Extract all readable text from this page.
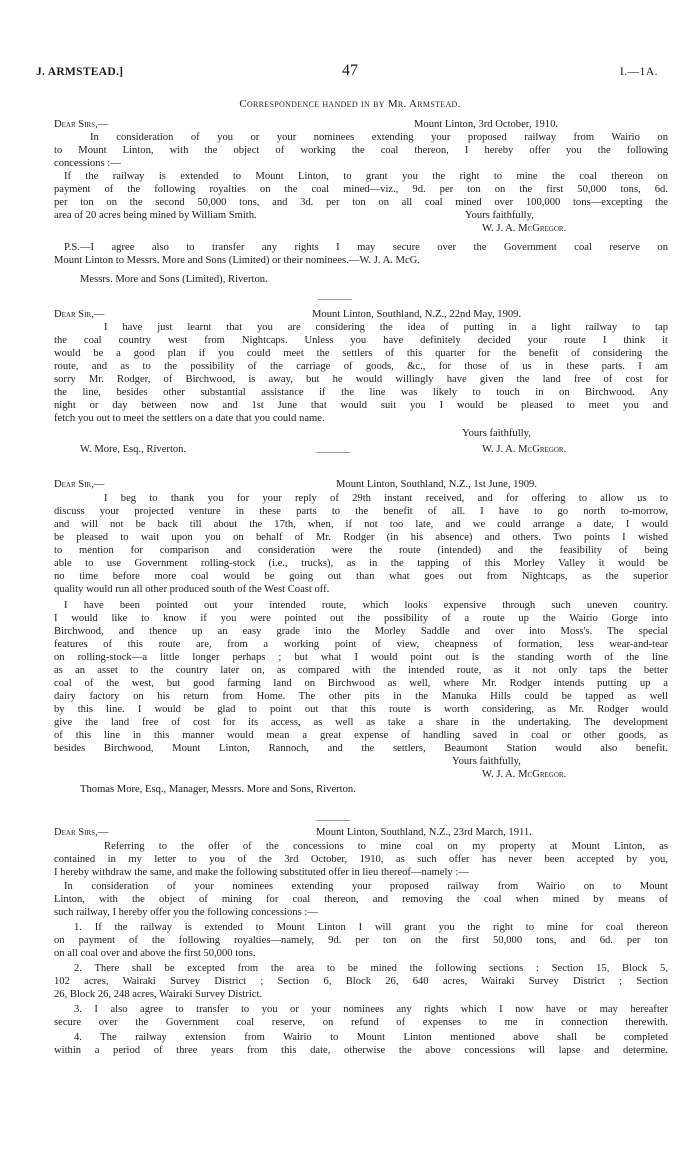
J. ARMSTEAD.]	47	I.—1A.
Correspondence handed in by Mr. Armstead.
Dear Sirs,—	Mount Linton, 3rd October, 1910.
In consideration of you or your nominees extending your proposed railway from Wairio on
to Mount Linton, with the object of working the coal thereon, I hereby offer you the following
concessions :—
If the railway is extended to Mount Linton, to grant you the right to mine the coal thereon on
payment of the following royalties on the coal mined—viz., 9d. per ton on the first 50,000 tons, 6d.
per ton on the second 50,000 tons, and 3d. per ton on all coal mined over 100,000 tons—excepting the
area of 20 acres being mined by William Smith.	Yours faithfully,
W. J. A. McGregor.
P.S.—I agree also to transfer any rights I may secure over the Government coal reserve on
Mount Linton to Messrs. More and Sons (Limited) or their nominees.—W. J. A. McG.
Messrs. More and Sons (Limited), Riverton.
Dear Sir,—	Mount Linton, Southland, N.Z., 22nd May, 1909.
I have just learnt that you are considering the idea of putting in a light railway to tap
the coal country west from Nightcaps. Unless you have definitely decided your route I think it
would be a good plan if you could meet the settlers of this quarter for the benefit of considering the
route, and as to the possibility of the carriage of goods, &c., for those of us in these parts. I am
sorry Mr. Rodger, of Birchwood, is away, but he would willingly have given the land free of cost for
the line, besides other substantial assistance if the line was likely to touch in on Birchwood. Any
night or day between now and 1st June that would suit you I would be pleased to meet you and
fetch you out to meet the settlers on a date that you could name.
Yours faithfully,
W. More, Esq., Riverton.	W. J. A. McGregor.
Dear Sir,—	Mount Linton, Southland, N.Z., 1st June, 1909.
I beg to thank you for your reply of 29th instant received, and for offering to allow us to
discuss your projected venture in these parts to the benefit of all. I have to go north to-morrow,
and will not be back till about the 17th, when, if not too late, and we could arrange a date, I would
be pleased to wait upon you on behalf of Mr. Rodger (in his absence) and others. Two points I wished
to mention for comparison and consideration were the route (intended) and the feasibility of being
able to use Government rolling-stock (i.e., trucks), as in the tapping of this Morley Valley it would be
no time before more coal would be going out than what goes out from Nightcaps, as the superior
quality would run all other produced south of the West Coast off.
I have been pointed out your intended route, which looks expensive through such uneven country.
I would like to know if you were pointed out the possibility of a route up the Wairio Gorge into
Birchwood, and thence up an easy grade into the Morley Saddle and over into Moss's. The special
features of this route are, from a working point of view, cheapness of formation, less wear-and-tear
on rolling-stock—a little longer perhaps ; but what I would point out is the standing worth of the line
as an asset to the country later on, as compared with the intended route, as it not only taps the better
coal of the west, but good farming land on Birchwood as well, where Mr. Rodger intends putting up a
dairy factory on his return from Home. The other pits in the Manuka Hills could be tapped as well
by this line. I would be glad to point out that this route is worth considering, as Mr. Rodger would
give the land free of cost for its access, as well as take a share in the undertaking. The development
of this line in this manner would mean a great expense of handling saved in coal or other goods, as
besides Birchwood, Mount Linton, Rannoch, and the settlers, Beaumont Station would also benefit.
Yours faithfully,
W. J. A. McGregor.
Thomas More, Esq., Manager, Messrs. More and Sons, Riverton.
Dear Sirs,—	Mount Linton, Southland, N.Z., 23rd March, 1911.
Referring to the offer of the concessions to mine coal on my property at Mount Linton, as
contained in my letter to you of the 3rd October, 1910, as such offer has never been accepted by you,
I hereby withdraw the same, and make the following substituted offer in lieu thereof—namely :—
In consideration of your nominees extending your proposed railway from Wairio on to Mount
Linton, with the object of mining for coal thereon, and removing the coal when mined by means of
such railway, I hereby offer you the following concessions :—
1. If the railway is extended to Mount Linton I will grant you the right to mine for coal thereon
on payment of the following royalties—namely, 9d. per ton on the first 50,000 tons, and 6d. per ton
on all coal over and above the first 50,000 tons.
2. There shall be excepted from the area to be mined the following sections : Section 15, Block 5,
102 acres, Wairaki Survey District ; Section 6, Block 26, 640 acres, Wairaki Survey District ; Section
26, Block 26, 248 acres, Wairaki Survey District.
3. I also agree to transfer to you or your nominees any rights which I now have or may hereafter
secure over the Government coal reserve, on refund of expenses to me in connection therewith.
4. The railway extension from Wairio to Mount Linton mentioned above shall be completed
within a period of three years from this date, otherwise the above concessions will lapse and determine.
